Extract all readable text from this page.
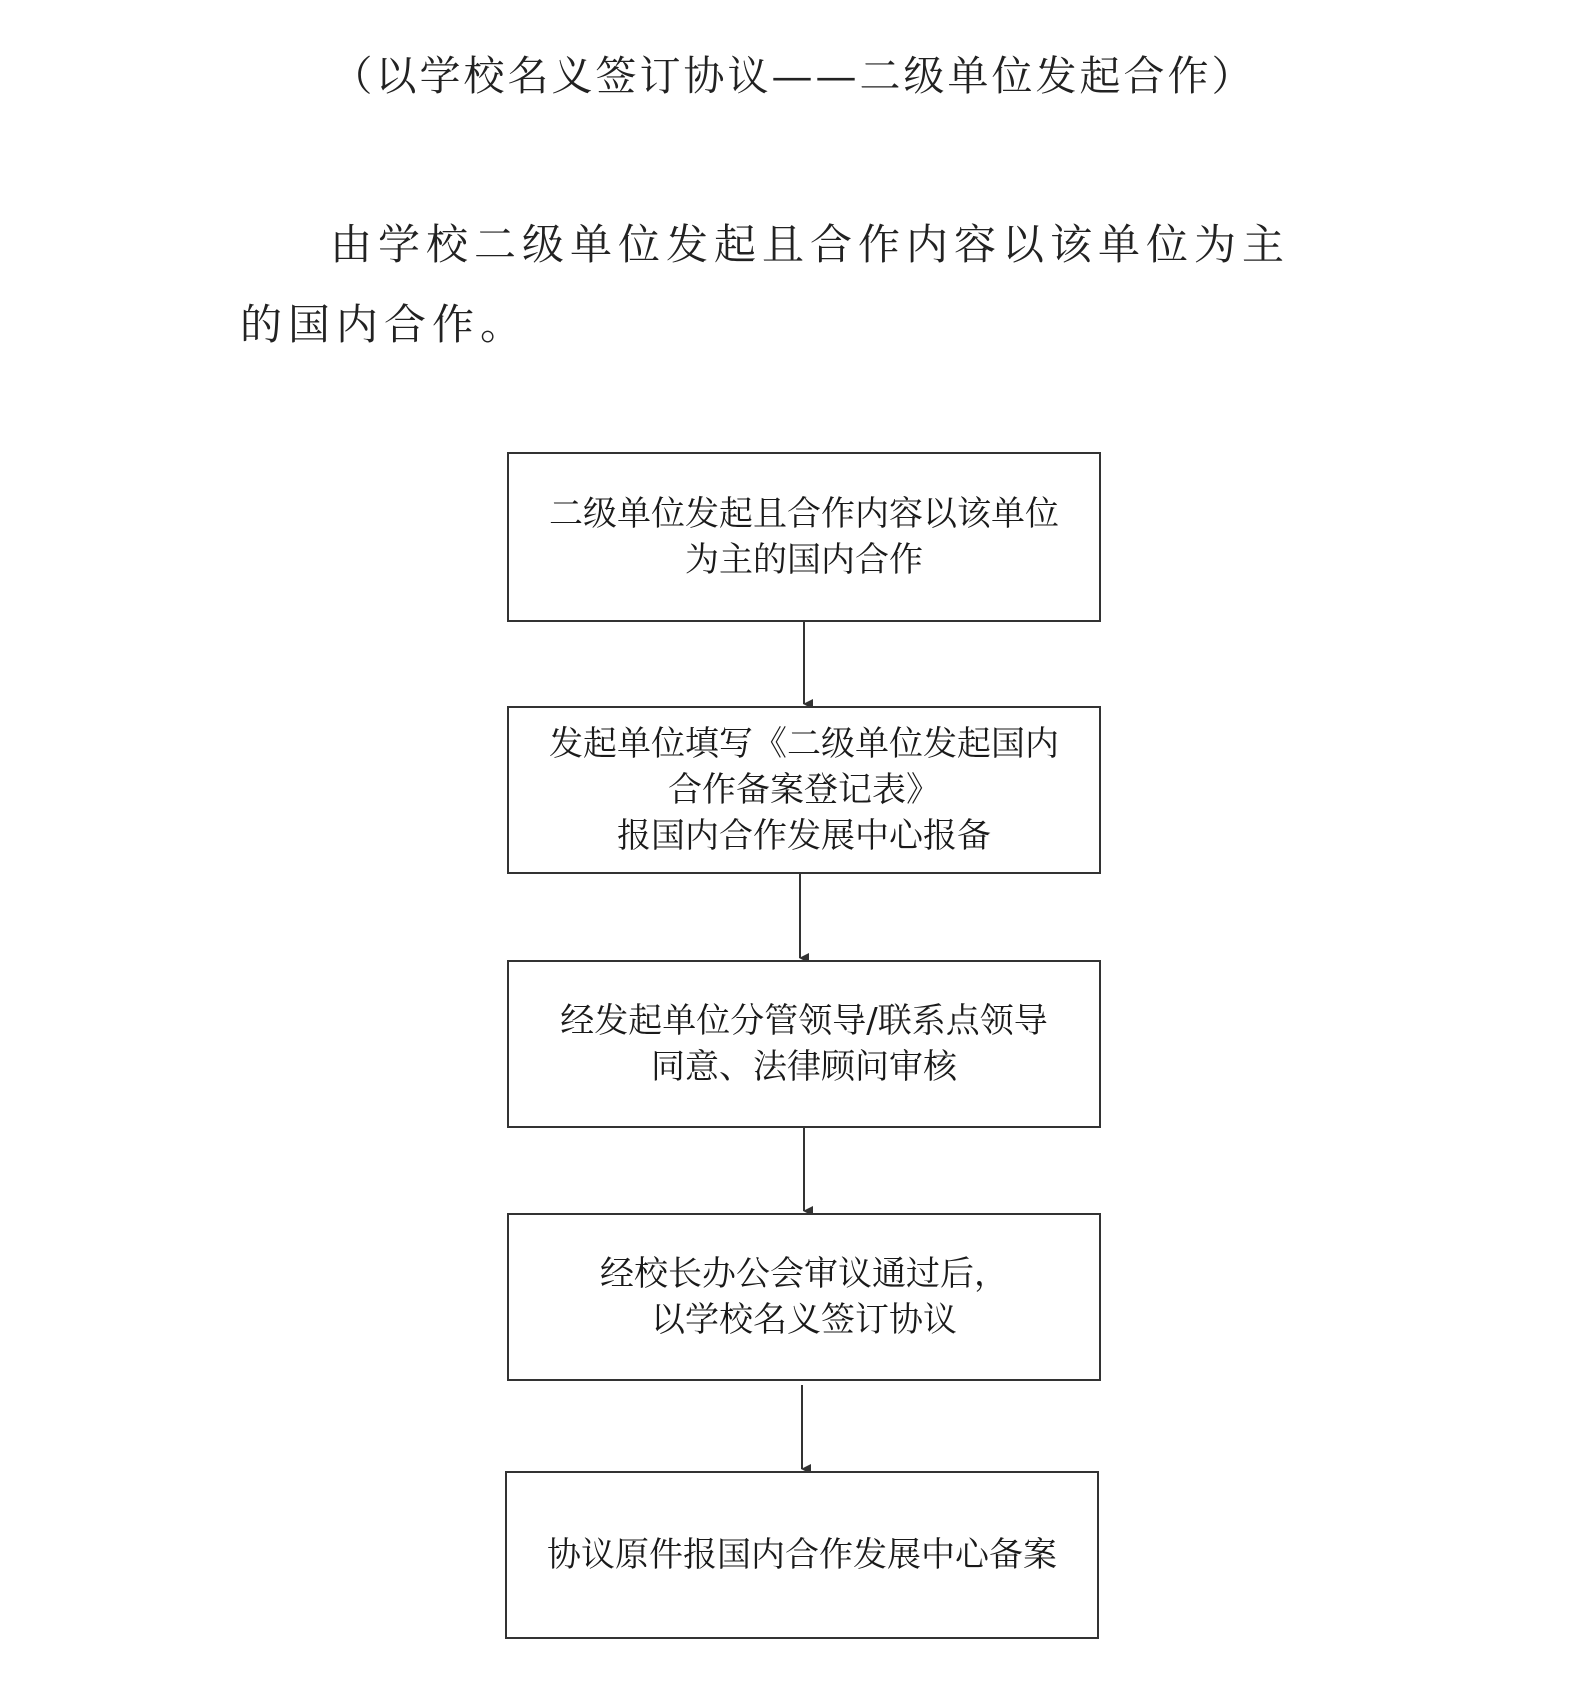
（以学校名义签订协议——二级单位发起合作）
由学校二级单位发起且合作内容以该单位为主的国内合作。
二级单位发起且合作内容以该单位
为主的国内合作
发起单位填写《二级单位发起国内
合作备案登记表》
报国内合作发展中心报备
经发起单位分管领导/联系点领导
同意、法律顾问审核
经校长办公会审议通过后，
以学校名义签订协议
协议原件报国内合作发展中心备案
